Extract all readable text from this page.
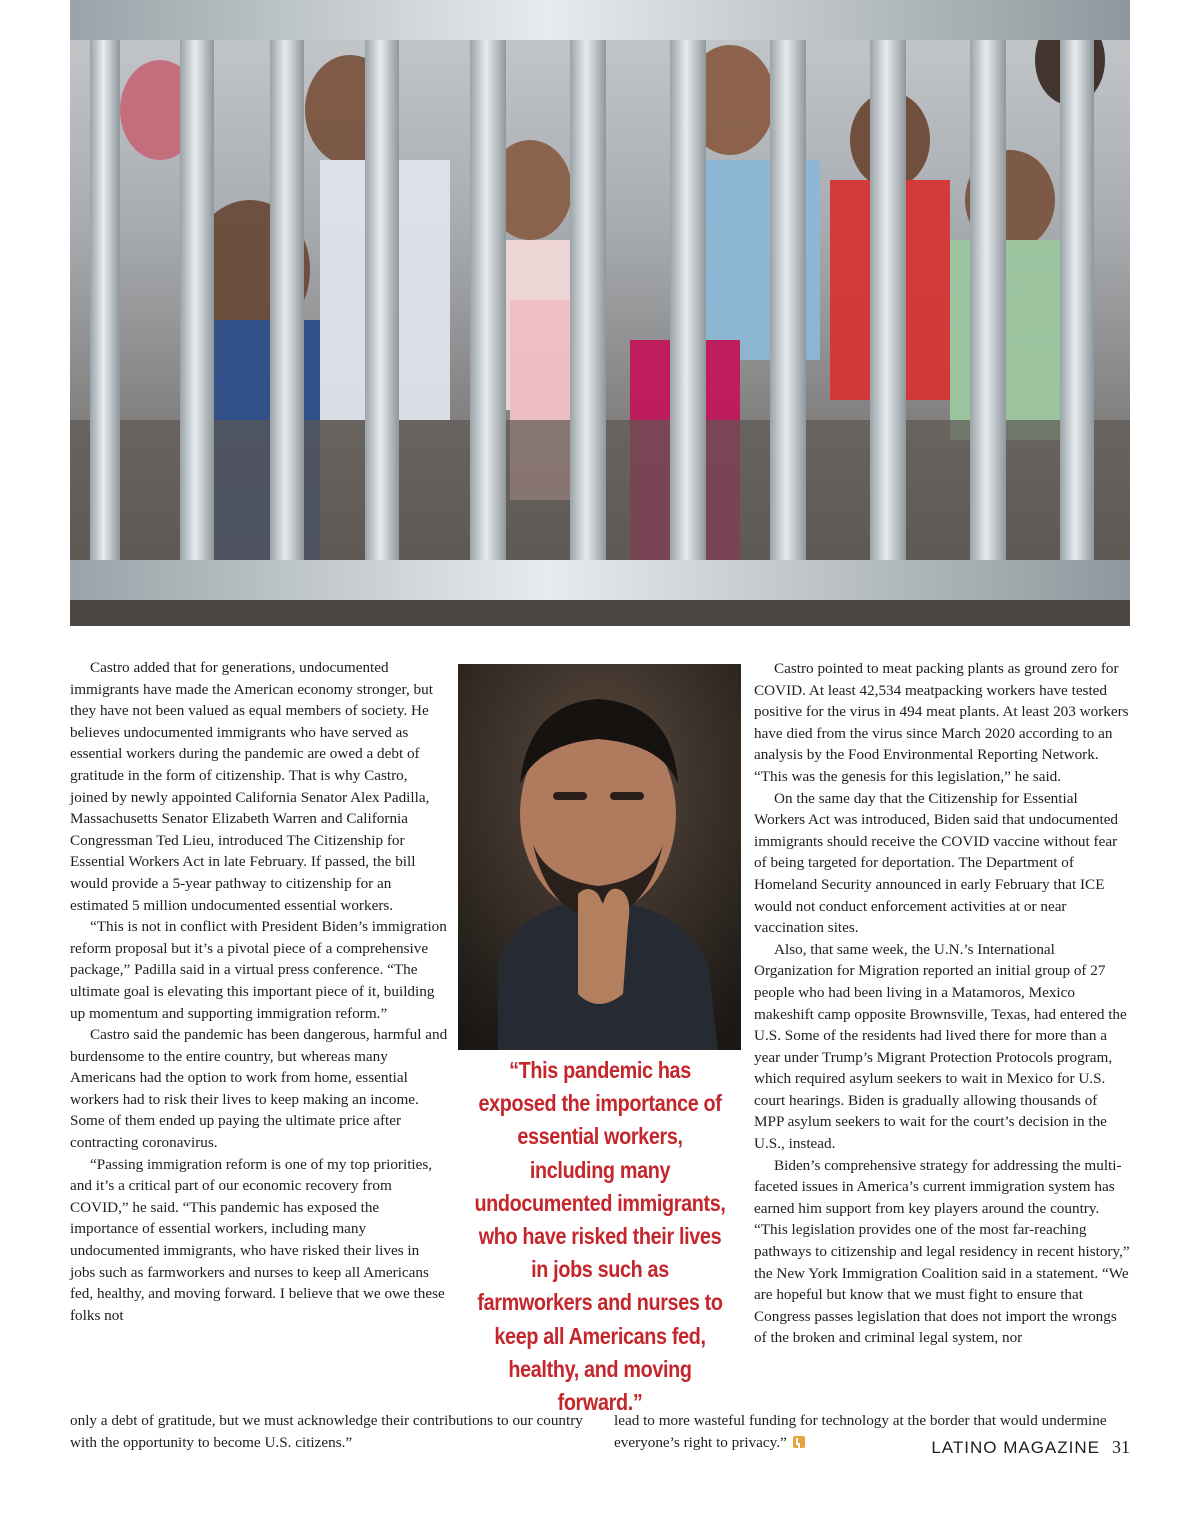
Castro added that for generations, undocumented immigrants have made the American economy stronger, but they have not been valued as equal members of society. He believes undocumented immigrants who have served as essential workers during the pandemic are owed a debt of gratitude in the form of citizenship. That is why Castro, joined by newly appointed California Senator Alex Padilla, Massachusetts Senator Elizabeth Warren and California Congressman Ted Lieu, introduced The Citizenship for Essential Workers Act in late February. If passed, the bill would provide a 5-year pathway to citizenship for an estimated 5 million undocumented essential workers.

“This is not in conflict with President Biden’s immigration reform proposal but it’s a pivotal piece of a comprehensive package,” Padilla said in a virtual press conference. “The ultimate goal is elevating this important piece of it, building up momentum and supporting immigration reform.”

Castro said the pandemic has been dangerous, harmful and burdensome to the entire country, but whereas many Americans had the option to work from home, essential workers had to risk their lives to keep making an income. Some of them ended up paying the ultimate price after contracting coronavirus.

“Passing immigration reform is one of my top priorities, and it’s a critical part of our economic recovery from COVID,” he said. “This pandemic has exposed the importance of essential workers, including many undocumented immigrants, who have risked their lives in jobs such as farmworkers and nurses to keep all Americans fed, healthy, and moving forward. I believe that we owe these folks not

“This pandemic has exposed the importance of essential workers, including many undocumented immigrants, who have risked their lives in jobs such as farmworkers and nurses to keep all Americans fed, healthy, and moving forward.”

Castro pointed to meat packing plants as ground zero for COVID. At least 42,534 meatpacking workers have tested positive for the virus in 494 meat plants. At least 203 workers have died from the virus since March 2020 according to an analysis by the Food Environmental Reporting Network. “This was the genesis for this legislation,” he said.

On the same day that the Citizenship for Essential Workers Act was introduced, Biden said that undocumented immigrants should receive the COVID vaccine without fear of being targeted for deportation. The Department of Homeland Security announced in early February that ICE would not conduct enforcement activities at or near vaccination sites.

Also, that same week, the U.N.’s International Organization for Migration reported an initial group of 27 people who had been living in a Matamoros, Mexico makeshift camp opposite Brownsville, Texas, had entered the U.S. Some of the residents had lived there for more than a year under Trump’s Migrant Protection Protocols program, which required asylum seekers to wait in Mexico for U.S. court hearings. Biden is gradually allowing thousands of MPP asylum seekers to wait for the court’s decision in the U.S., instead.

Biden’s comprehensive strategy for addressing the multi-faceted issues in America’s current immigration system has earned him support from key players around the country. “This legislation provides one of the most far-reaching pathways to citizenship and legal residency in recent history,” the New York Immigration Coalition said in a statement. “We are hopeful but know that we must fight to ensure that Congress passes legislation that does not import the wrongs of the broken and criminal legal system, nor

only a debt of gratitude, but we must acknowledge their contributions to our country with the opportunity to become U.S. citizens.”

lead to more wasteful funding for technology at the border that would undermine everyone’s right to privacy.”	LATINO MAGAZINE 31
